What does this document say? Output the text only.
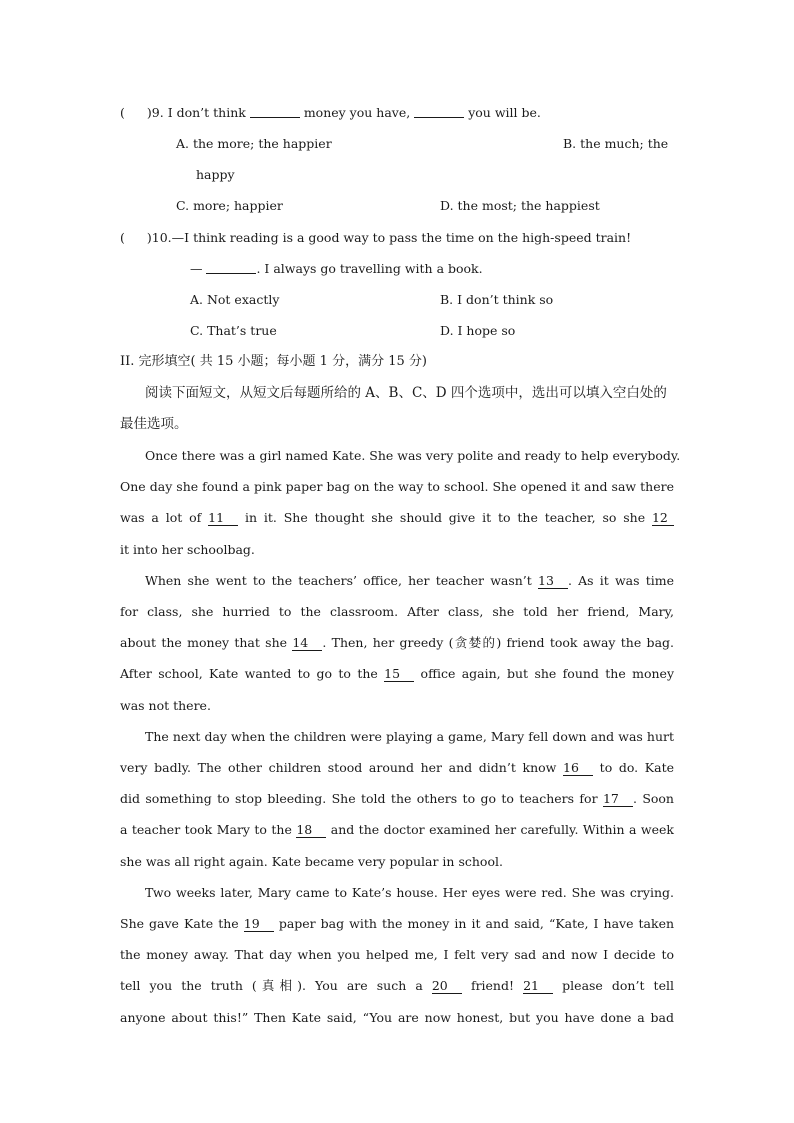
( )9. I don’t think	money you have,	you will be.
A. the more; the happier	B. the much; the
happy
C. more; happier	D. the most; the happiest
( )10.—I think reading is a good way to pass the time on the high-speed train!
—	. I always go travelling with a book.
A. Not exactly	B. I don’t think so
C. That’s true	D. I hope so
II. 完形填空( 共 15 小题；每小题 1 分，满分 15 分)
阅读下面短文，从短文后每题所给的 A、B、C、D 四个选项中，选出可以填入空白处的
最佳选项。
Once there was a girl named Kate. She was very polite and ready to help everybody.
One day she found a pink paper bag on the way to school. She opened it and saw there
was a lot of 11 in it. She thought she should give it to the teacher, so she 12
it into her schoolbag.
When she went to the teachers’ office, her teacher wasn’t 13 . As it was time
for class, she hurried to the classroom. After class, she told her friend, Mary,
about the money that she 14 . Then, her greedy (贪婪的) friend took away the bag.
After school, Kate wanted to go to the 15 office again, but she found the money
was not there.
The next day when the children were playing a game, Mary fell down and was hurt
very badly. The other children stood around her and didn’t know 16 to do. Kate
did something to stop bleeding. She told the others to go to teachers for 17 . Soon
a teacher took Mary to the 18 and the doctor examined her carefully. Within a week
she was all right again. Kate became very popular in school.
Two weeks later, Mary came to Kate’s house. Her eyes were red. She was crying.
She gave Kate the 19 paper bag with the money in it and said, “Kate, I have taken
the money away. That day when you helped me, I felt very sad and now I decide to
tell you the truth (真相). You are such a 20 friend! 21 please don’t tell
anyone about this!” Then Kate said, “You are now honest, but you have done a bad
